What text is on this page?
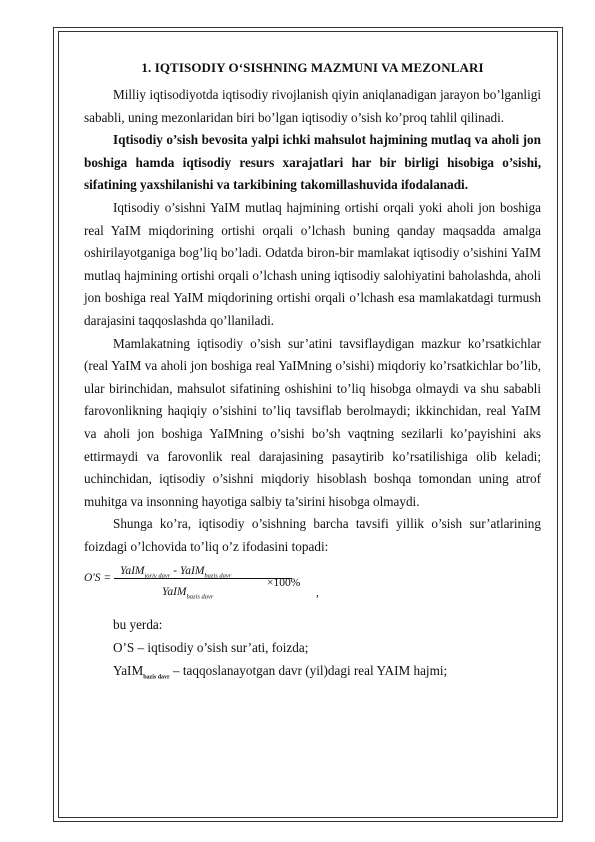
1. IQTISODIY O‘SISHNING MAZMUNI VA MEZONLARI

Milliy iqtisodiyotda iqtisodiy rivojlanish qiyin aniqlanadigan jarayon bo’lganligi sababli, uning mezonlaridan biri bo’lgan iqtisodiy o’sish ko’proq tahlil qilinadi.

Iqtisodiy o’sish bevosita yalpi ichki mahsulot hajmining mutlaq va aholi jon boshiga hamda iqtisodiy resurs xarajatlari har bir birligi hisobiga o’sishi, sifatining yaxshilanishi va tarkibining takomillashuvida ifodalanadi.

Iqtisodiy o’sishni YaIM mutlaq hajmining ortishi orqali yoki aholi jon boshiga real YaIM miqdorining ortishi orqali o’lchash buning qanday maqsadda amalga oshirilayotganiga bog’liq bo’ladi. Odatda biron-bir mamlakat iqtisodiy o’sishini YaIM mutlaq hajmining ortishi orqali o’lchash uning iqtisodiy salohiyatini baholashda, aholi jon boshiga real YaIM miqdorining ortishi orqali o’lchash esa mamlakatdagi turmush darajasini taqqoslashda qo’llaniladi.

Mamlakatning iqtisodiy o’sish sur’atini tavsiflaydigan mazkur ko’rsatkichlar (real YaIM va aholi jon boshiga real YaIMning o’sishi) miqdoriy ko’rsatkichlar bo’lib, ular birinchidan, mahsulot sifatining oshishini to’liq hisobga olmaydi va shu sababli farovonlikning haqiqiy o’sishini to’liq tavsiflab berolmaydi; ikkinchidan, real YaIM va aholi jon boshiga YaIMning o’sishi bo’sh vaqtning sezilarli ko’payishini aks ettirmaydi va farovonlik real darajasining pasaytirib ko’rsatilishiga olib keladi; uchinchidan, iqtisodiy o’sishni miqdoriy hisoblash boshqa tomondan uning atrof muhitga va insonning hayotiga salbiy ta’sirini hisobga olmaydi.

Shunga ko’ra, iqtisodiy o’sishning barcha tavsifi yillik o’sish sur’atlarining foizdagi o’lchovida to’liq o’z ifodasini topadi:

O'S =
YaIM$_{joriy davr}$ - YaIM$_{bazis davr}$
YaIM$_{bazis davr}$
×100%
,

bu yerda:

O’S – iqtisodiy o’sish sur’ati, foizda;

YaIM$_{bazis davr}$ – taqqoslanayotgan davr (yil)dagi real YAIM hajmi;
